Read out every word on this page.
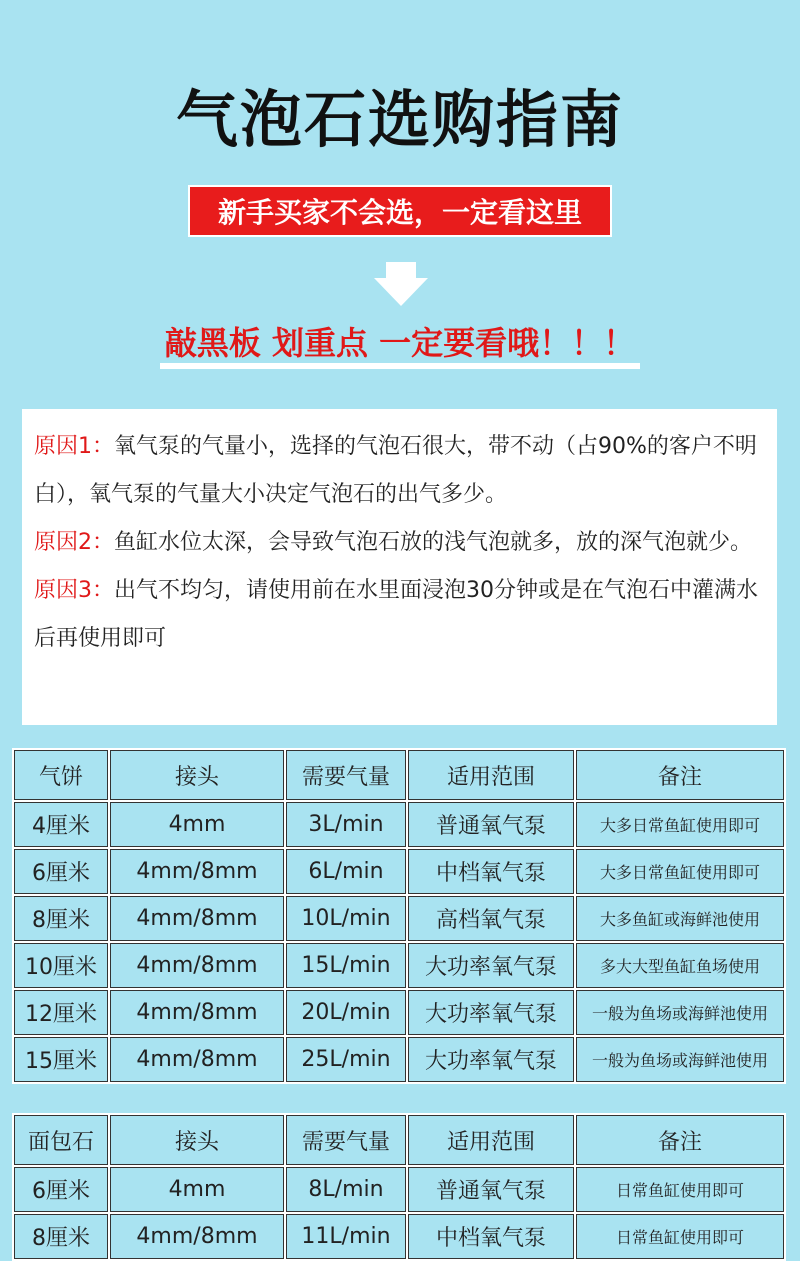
气泡石选购指南
新手买家不会选，一定看这里
敲黑板 划重点 一定要看哦！！！

原因1：氧气泵的气量小，选择的气泡石很大，带不动（占90%的客户不明白），氧气泵的气量大小决定气泡石的出气多少。

原因2：鱼缸水位太深，会导致气泡石放的浅气泡就多，放的深气泡就少。

原因3：出气不均匀，请使用前在水里面浸泡30分钟或是在气泡石中灌满水后再使用即可

气饼	接头	需要气量	适用范围	备注
4厘米	4mm	3L/min	普通氧气泵	大多日常鱼缸使用即可
6厘米	4mm/8mm	6L/min	中档氧气泵	大多日常鱼缸使用即可
8厘米	4mm/8mm	10L/min	高档氧气泵	大多鱼缸或海鲜池使用
10厘米	4mm/8mm	15L/min	大功率氧气泵	多大大型鱼缸鱼场使用
12厘米	4mm/8mm	20L/min	大功率氧气泵	一般为鱼场或海鲜池使用
15厘米	4mm/8mm	25L/min	大功率氧气泵	一般为鱼场或海鲜池使用
面包石	接头	需要气量	适用范围	备注
6厘米	4mm	8L/min	普通氧气泵	日常鱼缸使用即可
8厘米	4mm/8mm	11L/min	中档氧气泵	日常鱼缸使用即可
